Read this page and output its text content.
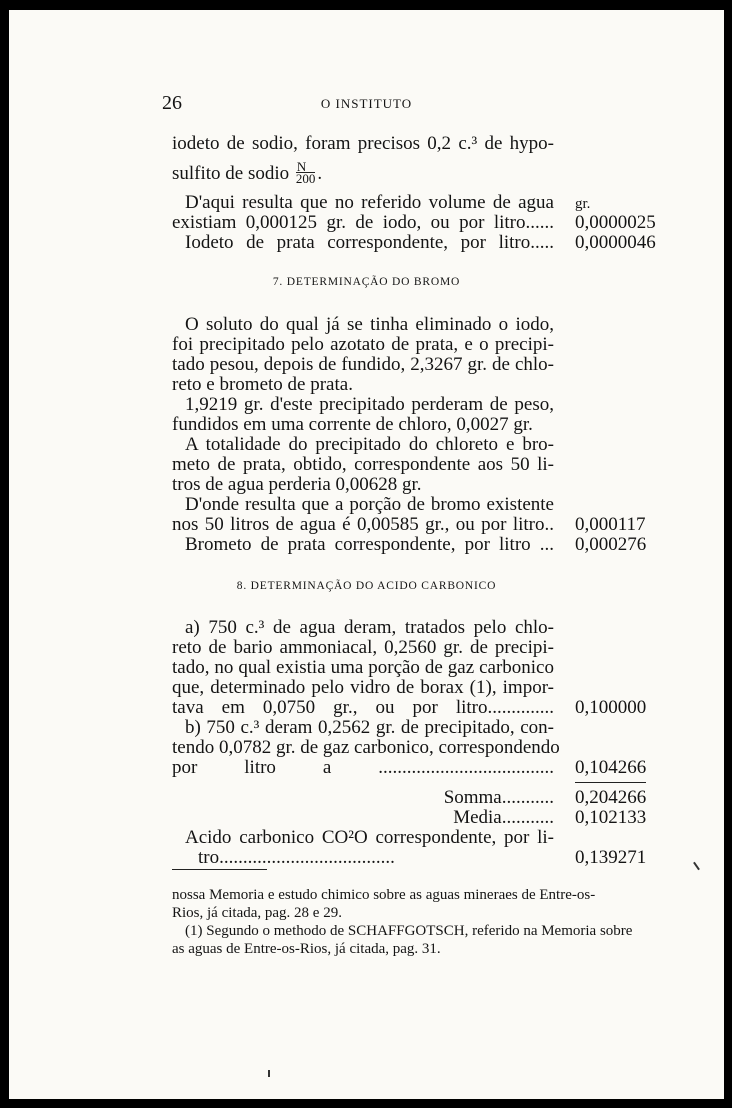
26	O INSTITUTO
iodeto de sodio, foram precisos 0,2 c.³ de hypo-
sulfito de sodio $\frac{N}{200}$ .
D'aqui resulta que no referido volume de agua gr.
existiam 0,000125 gr. de iodo, ou por litro...... 0,0000025
Iodeto de prata correspondente, por litro..... 0,0000046
7. DETERMINAÇÃO DO BROMO
O soluto do qual já se tinha eliminado o iodo,
foi precipitado pelo azotato de prata, e o precipi-
tado pesou, depois de fundido, 2,3267 gr. de chlo-
reto e brometo de prata.
1,9219 gr. d'este precipitado perderam de peso,
fundidos em uma corrente de chloro, 0,0027 gr.
A totalidade do precipitado do chloreto e bro-
meto de prata, obtido, correspondente aos 50 li-
tros de agua perderia 0,00628 gr.
D'onde resulta que a porção de bromo existente
nos 50 litros de agua é 0,00585 gr., ou por litro.. 0,000117
Brometo de prata correspondente, por litro ... 0,000276
8. DETERMINAÇÃO DO ACIDO CARBONICO
a) 750 c.³ de agua deram, tratados pelo chlo-
reto de bario ammoniacal, 0,2560 gr. de precipi-
tado, no qual existia uma porção de gaz carbonico
que, determinado pelo vidro de borax (1), impor-
tava em 0,0750 gr., ou por litro.............. 0,100000
b) 750 c.³ deram 0,2562 gr. de precipitado, con-
tendo 0,0782 gr. de gaz carbonico, correspondendo
por litro a ..................................... 0,104266
Somma........... 0,204266
Media........... 0,102133
Acido carbonico CO²O correspondente, por li-
tro.....................................	0,139271
nossa Memoria e estudo chimico sobre as aguas mineraes de Entre-os-
Rios, já citada, pag. 28 e 29.
(1) Segundo o methodo de SCHAFFGOTSCH, referido na Memoria sobre
as aguas de Entre-os-Rios, já citada, pag. 31.
